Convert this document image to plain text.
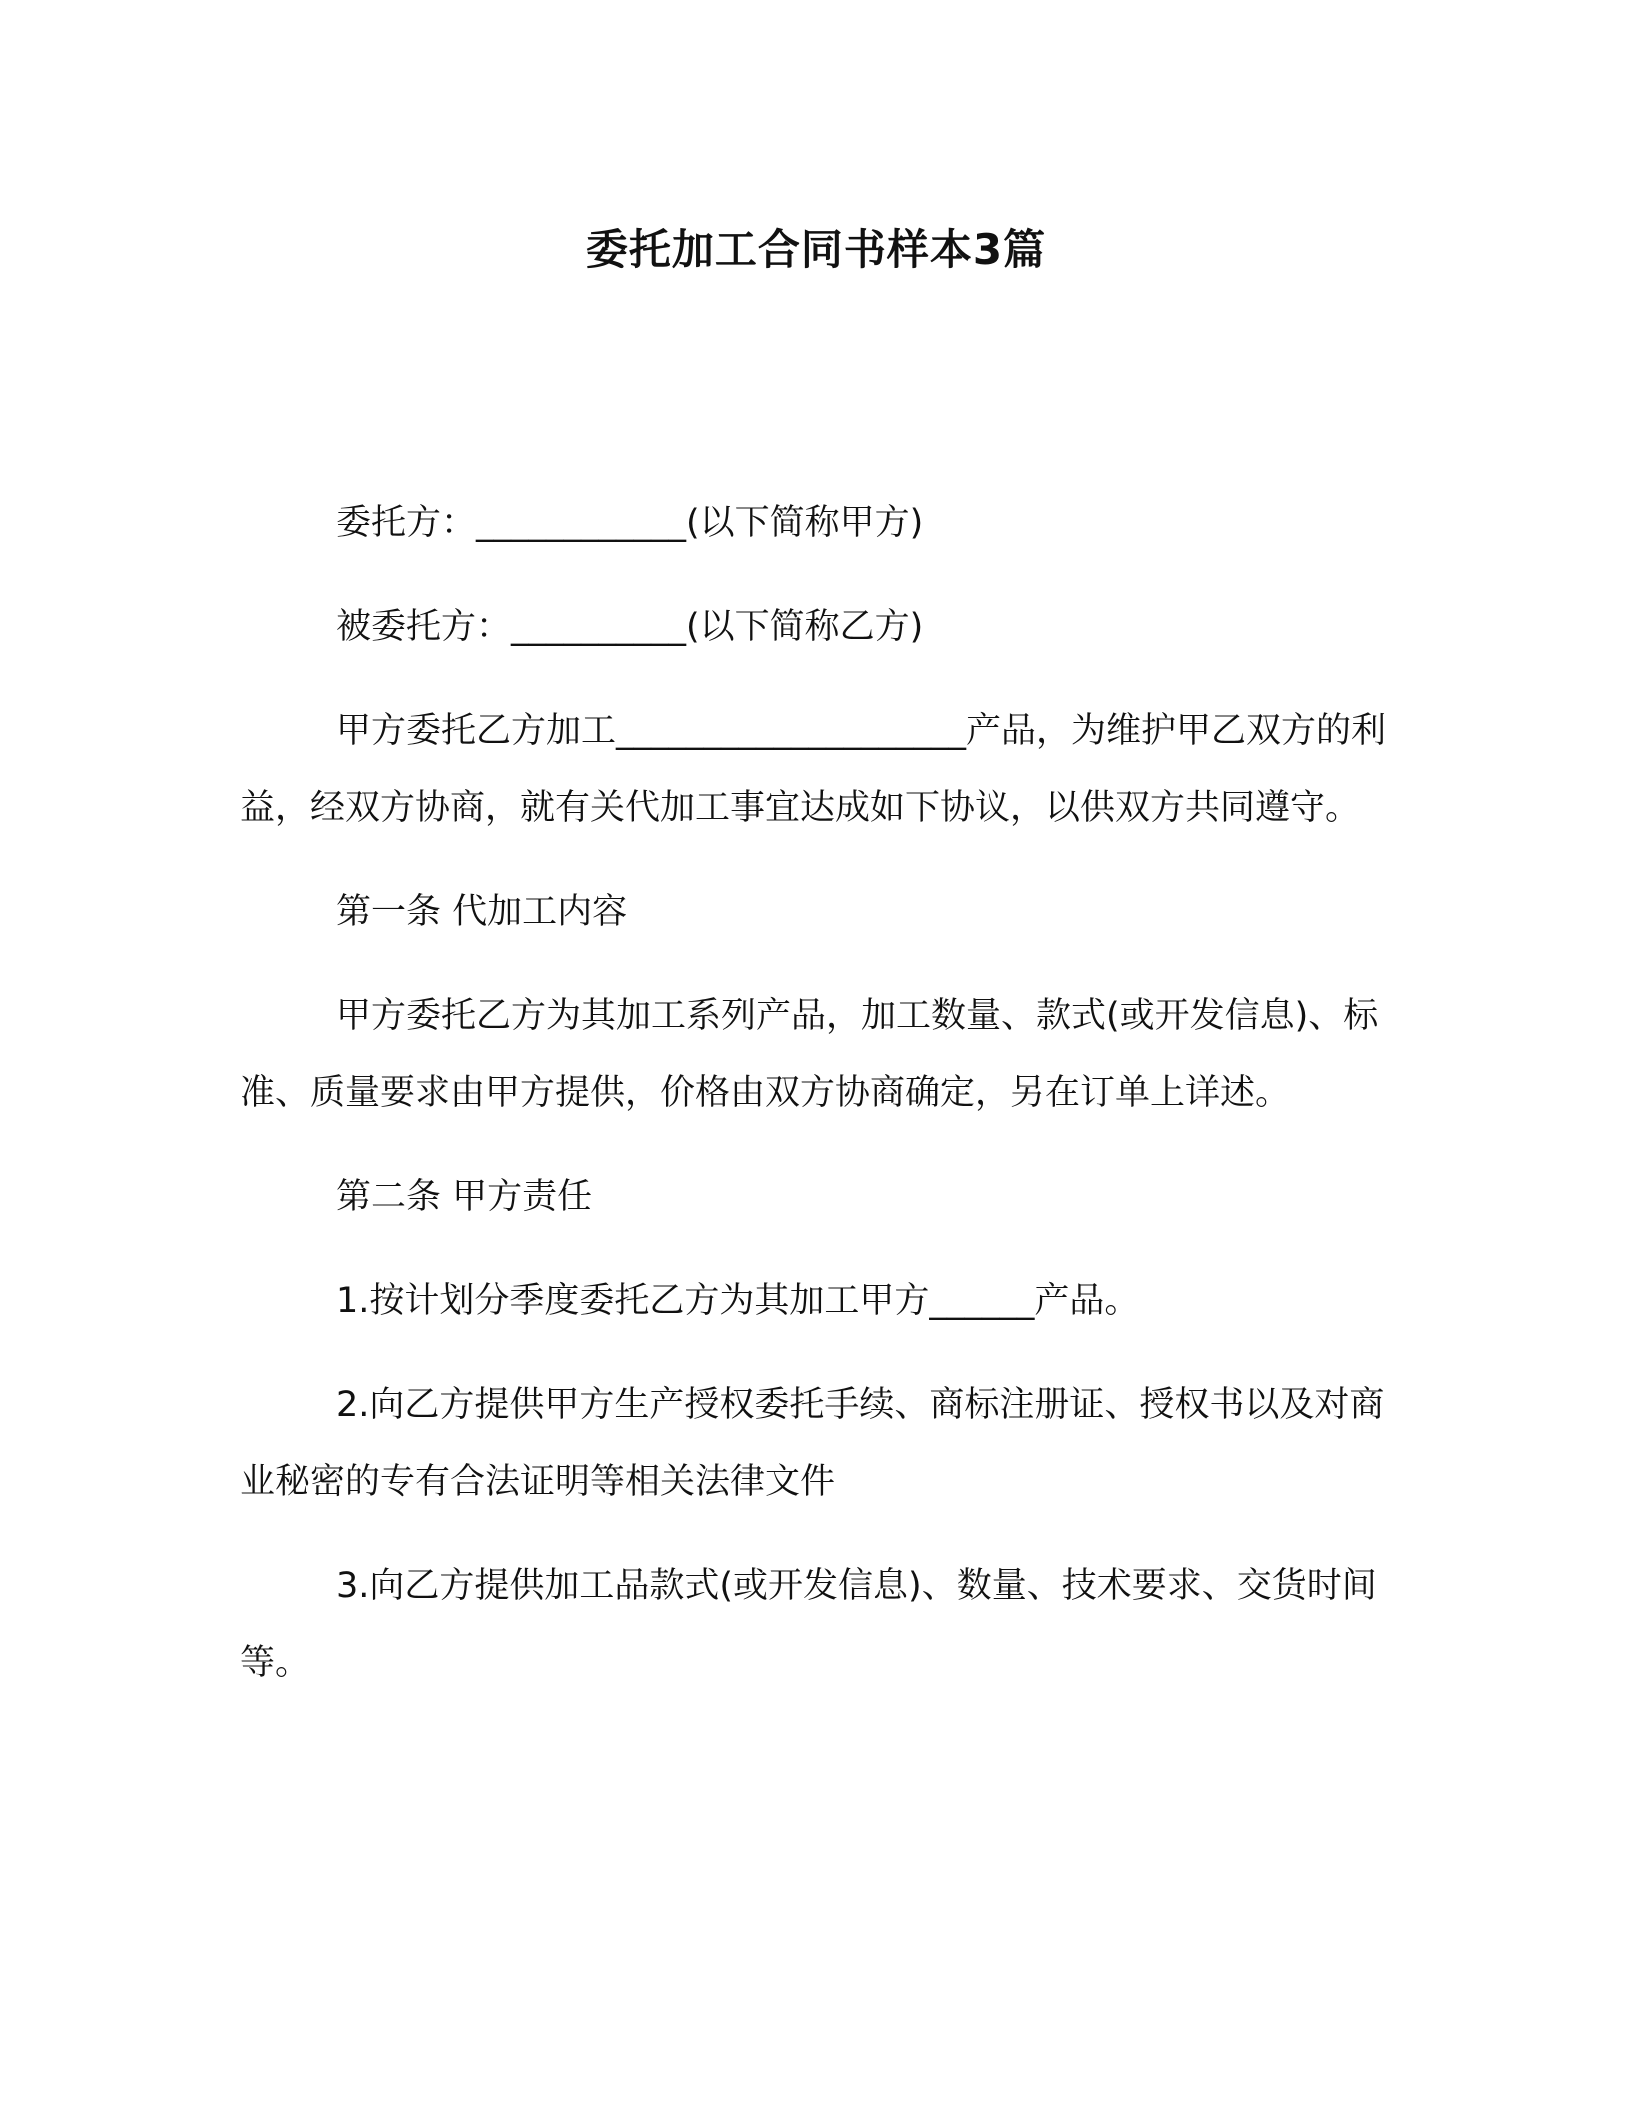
委托加工合同书样本3篇

委托方：____________(以下简称甲方)

被委托方：__________(以下简称乙方)

甲方委托乙方加工____________________产品，为维护甲乙双方的利益，经双方协商，就有关代加工事宜达成如下协议，以供双方共同遵守。

第一条 代加工内容

甲方委托乙方为其加工系列产品，加工数量、款式(或开发信息)、标准、质量要求由甲方提供，价格由双方协商确定，另在订单上详述。

第二条 甲方责任

1.按计划分季度委托乙方为其加工甲方______产品。

2.向乙方提供甲方生产授权委托手续、商标注册证、授权书以及对商业秘密的专有合法证明等相关法律文件

3.向乙方提供加工品款式(或开发信息)、数量、技术要求、交货时间等。
